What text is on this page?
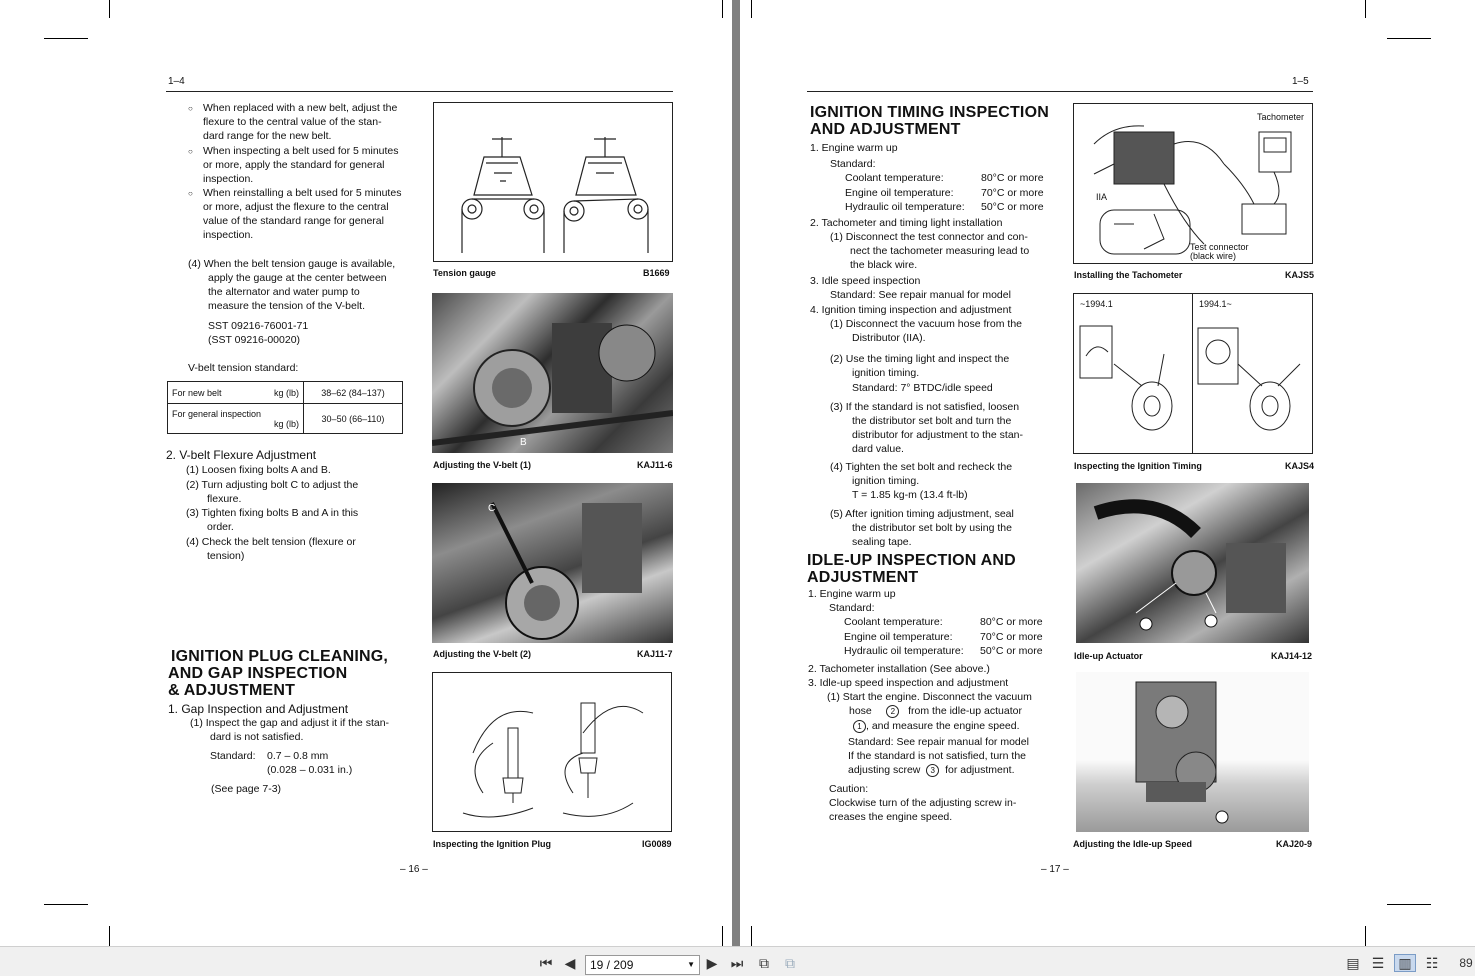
1–4
○ When replaced with a new belt, adjust the
flexure to the central value of the stan-
dard range for the new belt.
○ When inspecting a belt used for 5 minutes
or more, apply the standard for general
inspection.
○ When reinstalling a belt used for 5 minutes
or more, adjust the flexure to the central
value of the standard range for general
inspection.
(4) When the belt tension gauge is available,
apply the gauge at the center between
the alternator and water pump to
measure the tension of the V-belt.
SST 09216-76001-71
(SST 09216-00020)
V-belt tension standard:
For new belt kg (lb)	38–62 (84–137)

For general inspection
kg (lb)	30–50 (66–110)
2. V-belt Flexure Adjustment
(1) Loosen fixing bolts A and B.
(2) Turn adjusting bolt C to adjust the
flexure.
(3) Tighten fixing bolts B and A in this
order.
(4) Check the belt tension (flexure or
tension)
IGNITION PLUG CLEANING,
AND GAP INSPECTION
& ADJUSTMENT
1. Gap Inspection and Adjustment
(1) Inspect the gap and adjust it if the stan-
dard is not satisfied.
Standard: 0.7 – 0.8 mm
(0.028 – 0.031 in.)
(See page 7-3)
Tension gauge	B1669
B
Adjusting the V-belt (1)	KAJ11-6
C
Adjusting the V-belt (2)	KAJ11-7
Inspecting the Ignition Plug	IG0089
– 16 –
1–5
IGNITION TIMING INSPECTION
AND ADJUSTMENT
1. Engine warm up
Standard:
Coolant temperature:	80°C or more
Engine oil temperature:	70°C or more
Hydraulic oil temperature: 50°C or more
2. Tachometer and timing light installation
(1) Disconnect the test connector and con-
nect the tachometer measuring lead to
the black wire.
3. Idle speed inspection
Standard: See repair manual for model
4. Ignition timing inspection and adjustment
(1) Disconnect the vacuum hose from the
Distributor (IIA).
(2) Use the timing light and inspect the
ignition timing.
Standard: 7° BTDC/idle speed
(3) If the standard is not satisfied, loosen
the distributor set bolt and turn the
distributor for adjustment to the stan-
dard value.
(4) Tighten the set bolt and recheck the
ignition timing.
T = 1.85 kg-m (13.4 ft-lb)
(5) After ignition timing adjustment, seal
the distributor set bolt by using the
sealing tape.
IDLE-UP INSPECTION AND
ADJUSTMENT
1. Engine warm up
Standard:
Coolant temperature:	80°C or more
Engine oil temperature:	70°C or more
Hydraulic oil temperature: 50°C or more
2. Tachometer installation (See above.)
3. Idle-up speed inspection and adjustment
(1) Start the engine. Disconnect the vacuum
hose 2 from the idle-up actuator
1 , and measure the engine speed.
Standard: See repair manual for model
If the standard is not satisfied, turn the
adjusting screw 3 for adjustment.
Caution:
Clockwise turn of the adjusting screw in-
creases the engine speed.
Tachometer
IIA
Test connector
(black wire)
Installing the Tachometer	KAJS5
~1994.1	1994.1~
Inspecting the Ignition Timing	KAJS4
Idle-up Actuator	KAJ14-12
Adjusting the Idle-up Speed	KAJ20-9
– 17 –
⏮ ◀	19 / 209	▼ ▶ ⏭ ⧉ ⧉	▤ ☰ ▥ ☷ 89
